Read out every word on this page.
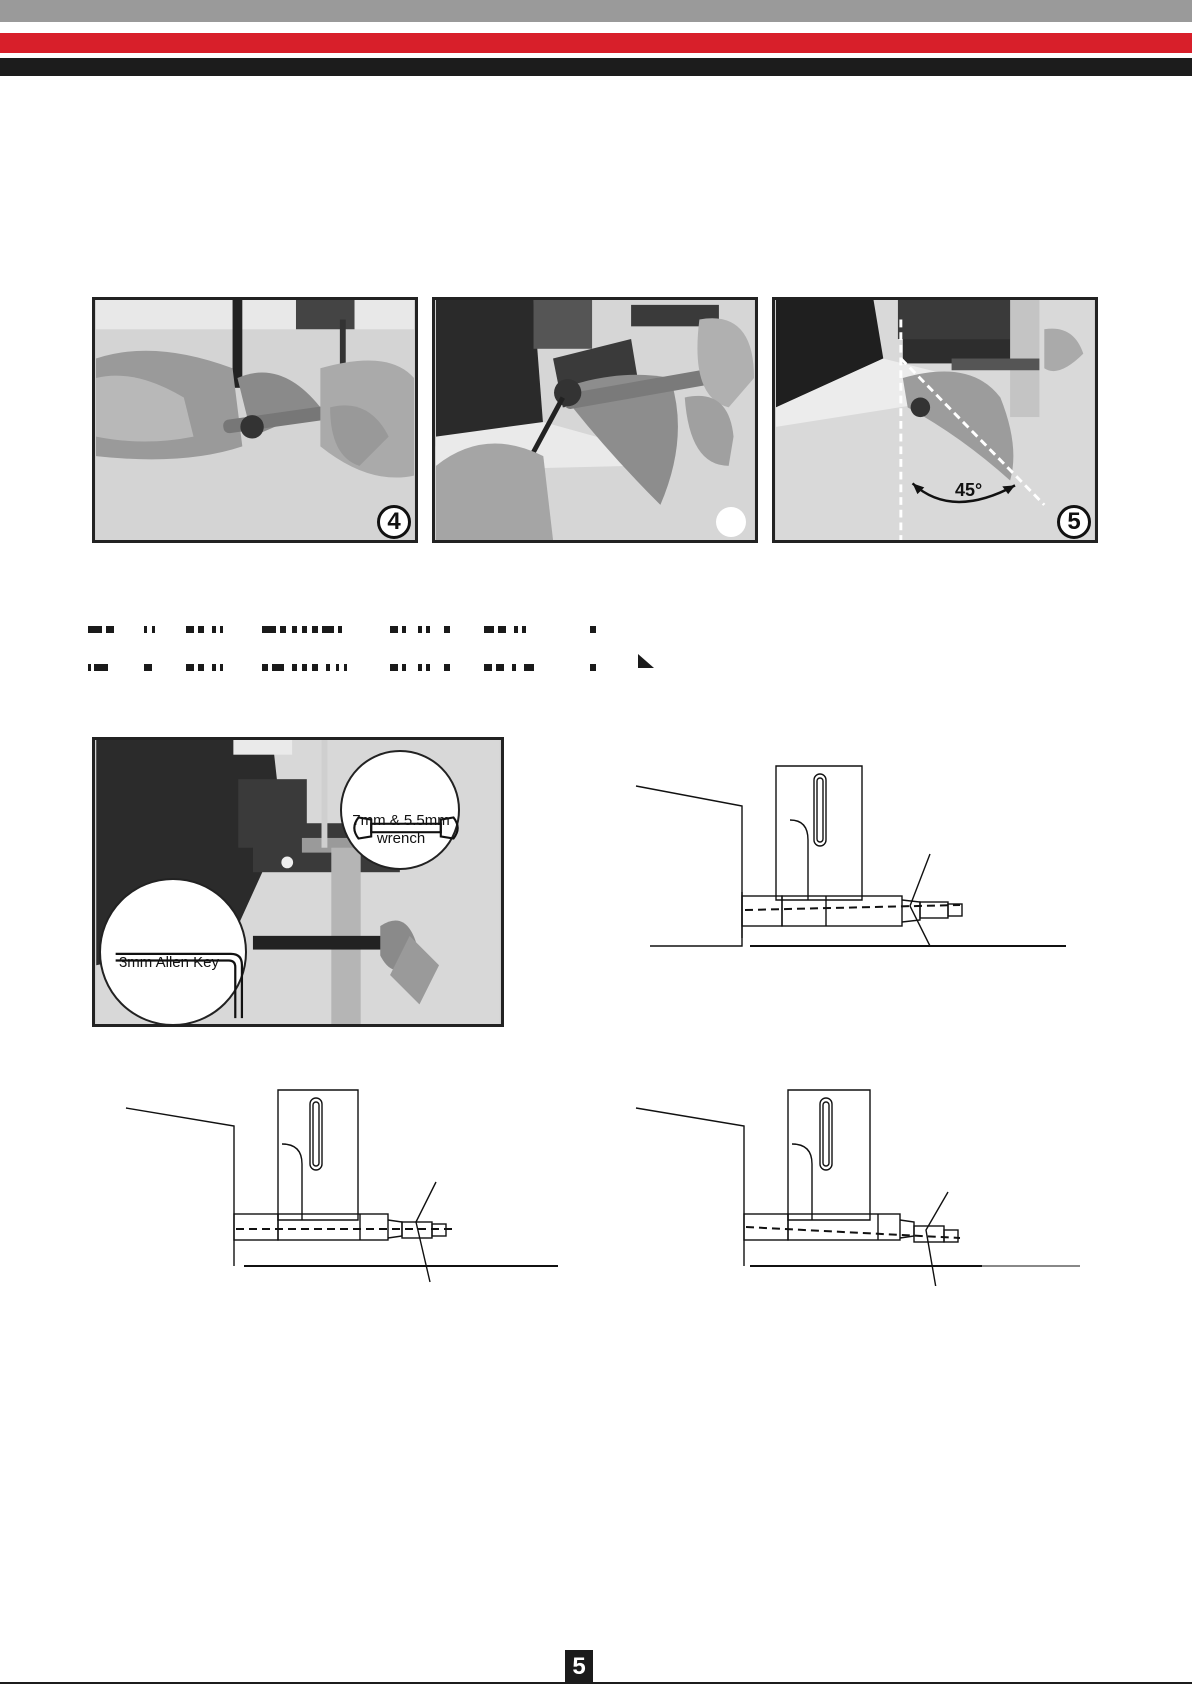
4
45°
5
7mm & 5.5mm
wrench
3mm Allen Key
5
